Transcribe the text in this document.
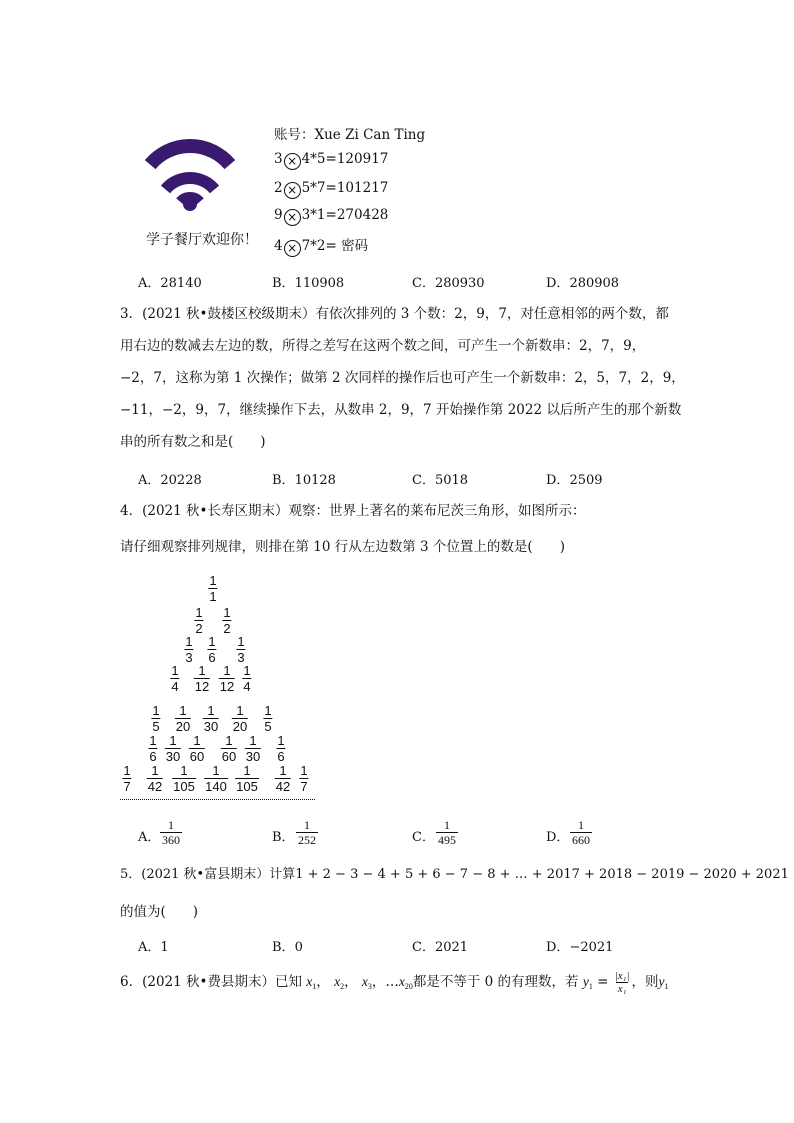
学子餐厅欢迎你！
账号：Xue Zi Can Ting
3 × 4*5=120917
2 × 5*7=101217
9 × 3*1=270428
4 × 7*2= 密码
A．28140	B．110908	C．280930	D．280908
3．(2021 秋•鼓楼区校级期末）有依次排列的 3 个数：2，9，7，对任意相邻的两个数，都
用右边的数减去左边的数，所得之差写在这两个数之间，可产生一个新数串：2，7，9，
−2，7，这称为第 1 次操作；做第 2 次同样的操作后也可产生一个新数串：2，5，7，2，9，
−11，−2，9，7，继续操作下去，从数串 2，9，7 开始操作第 2022 以后所产生的那个新数
串的所有数之和是(　　)
A．20228	B．10128	C．5018	D．2509
4．(2021 秋•长寿区期末）观察：世界上著名的莱布尼茨三角形，如图所示：
请仔细观察排列规律，则排在第 10 行从左边数第 3 个位置上的数是(　　)
$\frac{1}{1}$
$\frac{1}{2} \frac{1}{2}$
$\frac{1}{3} \frac{1}{6} \frac{1}{3}$
$\frac{1}{4} \frac{1}{12} \frac{1}{12} \frac{1}{4}$
$\frac{1}{5} \frac{1}{20} \frac{1}{30} \frac{1}{20} \frac{1}{5}$
$\frac{1}{6} \frac{1}{30} \frac{1}{60} \frac{1}{60} \frac{1}{30} \frac{1}{6}$
$\frac{1}{7} \frac{1}{42} \frac{1}{105} \frac{1}{140} \frac{1}{105} \frac{1}{42} \frac{1}{7}$
A．
1
360	B．
1
252	C．
1
495	D．
1
660
5．(2021 秋•富县期末）计算1 + 2 − 3 − 4 + 5 + 6 − 7 − 8 + … + 2017 + 2018 − 2019 − 2020 + 2021
的值为(　　)
A．1	B．0	C．2021	D．−2021
6．(2021 秋•费县期末）已知 $x_1$， $x_2$， $x_3$，$\dots x_{20}$都是不等于 0 的有理数，若 $y_1 = \frac{\text{|x₁|}}{\text{x₁}}$ ，则$y_1$
